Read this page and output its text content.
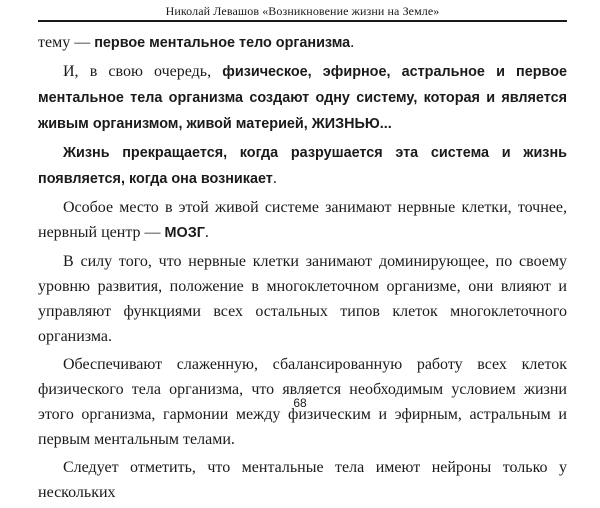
Николай Левашов «Возникновение жизни на Земле»

тему — первое ментальное тело организма.

И, в свою очередь, физическое, эфирное, астральное и первое ментальное тела организма создают одну систему, которая и является живым организмом, живой материей, ЖИЗНЬЮ...

Жизнь прекращается, когда разрушается эта система и жизнь появляется, когда она возникает.

Особое место в этой живой системе занимают нервные клетки, точнее, нервный центр — МОЗГ.

В силу того, что нервные клетки занимают доминирующее, по своему уровню развития, положение в многоклеточном организме, они влияют и управляют функциями всех остальных типов клеток многоклеточного организма.

Обеспечивают слаженную, сбалансированную работу всех клеток физического тела организма, что является необходимым условием жизни этого организма, гармонии между физическим и эфирным, астральным и первым ментальным телами.

Следует отметить, что ментальные тела имеют нейроны только у нескольких

68
